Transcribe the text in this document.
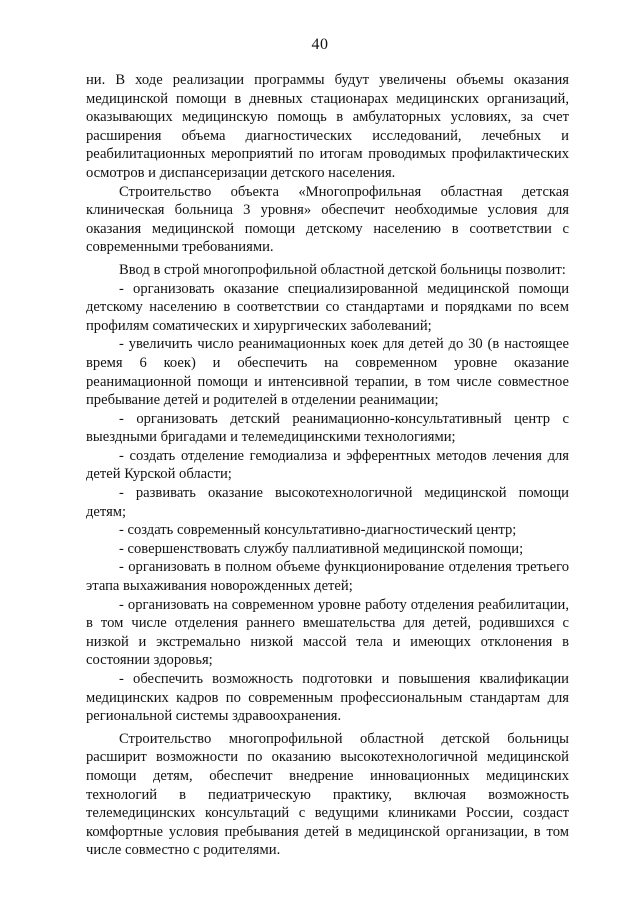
40

ни. В ходе реализации программы будут увеличены объемы оказания медицинской помощи в дневных стационарах медицинских организаций, оказывающих медицинскую помощь в амбулаторных условиях, за счет расширения объема диагностических исследований, лечебных и реабилитационных мероприятий по итогам проводимых профилактических осмотров и диспансеризации детского населения.

Строительство объекта «Многопрофильная областная детская клиническая больница 3 уровня» обеспечит необходимые условия для оказания медицинской помощи детскому населению в соответствии с современными требованиями.

Ввод в строй многопрофильной областной детской больницы позволит:

- организовать оказание специализированной медицинской помощи детскому населению в соответствии со стандартами и порядками по всем профилям соматических и хирургических заболеваний;

- увеличить число реанимационных коек для детей до 30 (в настоящее время 6 коек) и обеспечить на современном уровне оказание реанимационной помощи и интенсивной терапии, в том числе совместное пребывание детей и родителей в отделении реанимации;

- организовать детский реанимационно-консультативный центр с выездными бригадами и телемедицинскими технологиями;

- создать отделение гемодиализа и эфферентных методов лечения для детей Курской области;

- развивать оказание высокотехнологичной медицинской помощи детям;

- создать современный консультативно-диагностический центр;

- совершенствовать службу паллиативной медицинской помощи;

- организовать в полном объеме функционирование отделения третьего этапа выхаживания новорожденных детей;

- организовать на современном уровне работу отделения реабилитации, в том числе отделения раннего вмешательства для детей, родившихся с низкой и экстремально низкой массой тела и имеющих отклонения в состоянии здоровья;

- обеспечить возможность подготовки и повышения квалификации медицинских кадров по современным профессиональным стандартам для региональной системы здравоохранения.

Строительство многопрофильной областной детской больницы расширит возможности по оказанию высокотехнологичной медицинской помощи детям, обеспечит внедрение инновационных медицинских технологий в педиатрическую практику, включая возможность телемедицинских консультаций с ведущими клиниками России, создаст комфортные условия пребывания детей в медицинской организации, в том числе совместно с родителями.
